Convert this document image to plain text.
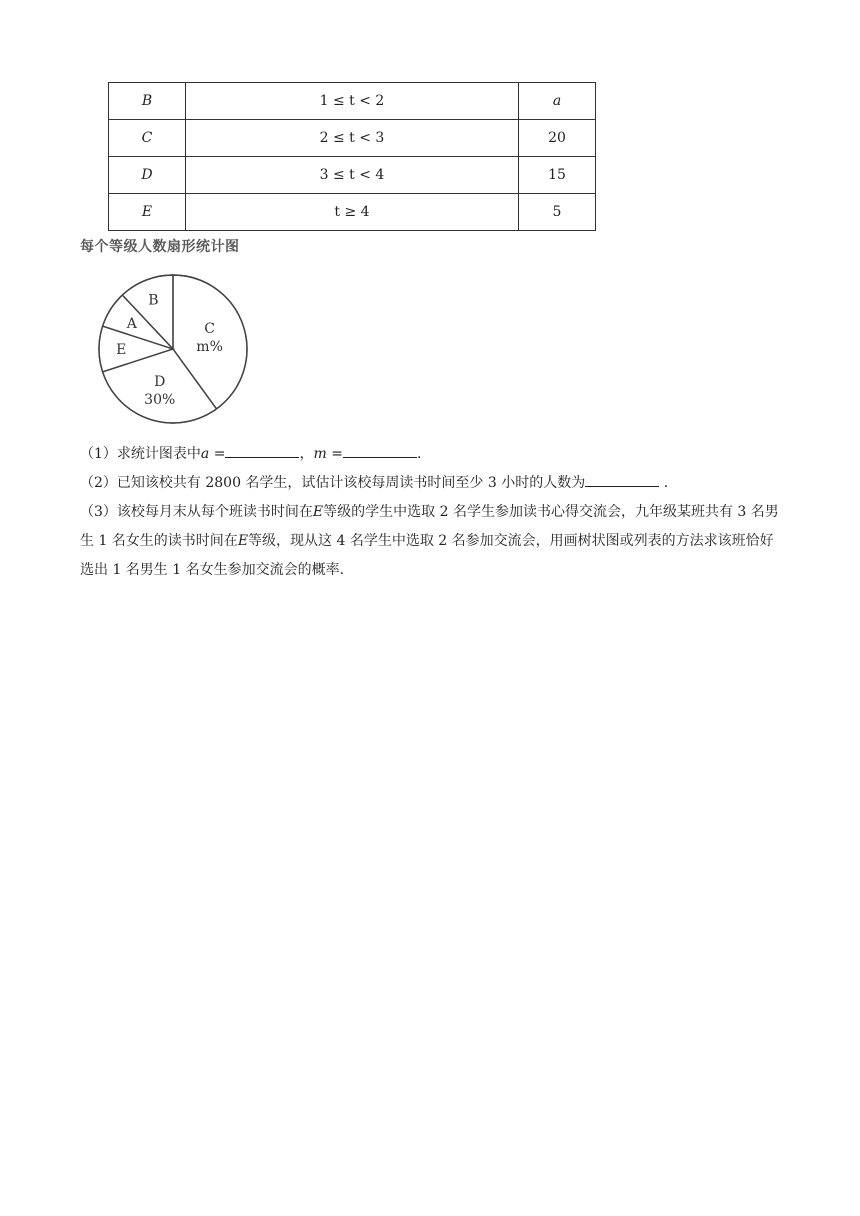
B	1 ≤ t < 2	a
C	2 ≤ t < 3	20
D	3 ≤ t < 4	15
E	t ≥ 4	5
每个等级人数扇形统计图
C
m%
D
30%
E
A
B

（1）求统计图表中a =	，m =	.

（2）已知该校共有 2800 名学生，试估计该校每周读书时间至少 3 小时的人数为	.

（3）该校每月末从每个班读书时间在E等级的学生中选取 2 名学生参加读书心得交流会，九年级某班共有 3 名男生 1 名女生的读书时间在E等级，现从这 4 名学生中选取 2 名参加交流会，用画树状图或列表的方法求该班恰好选出 1 名男生 1 名女生参加交流会的概率.
